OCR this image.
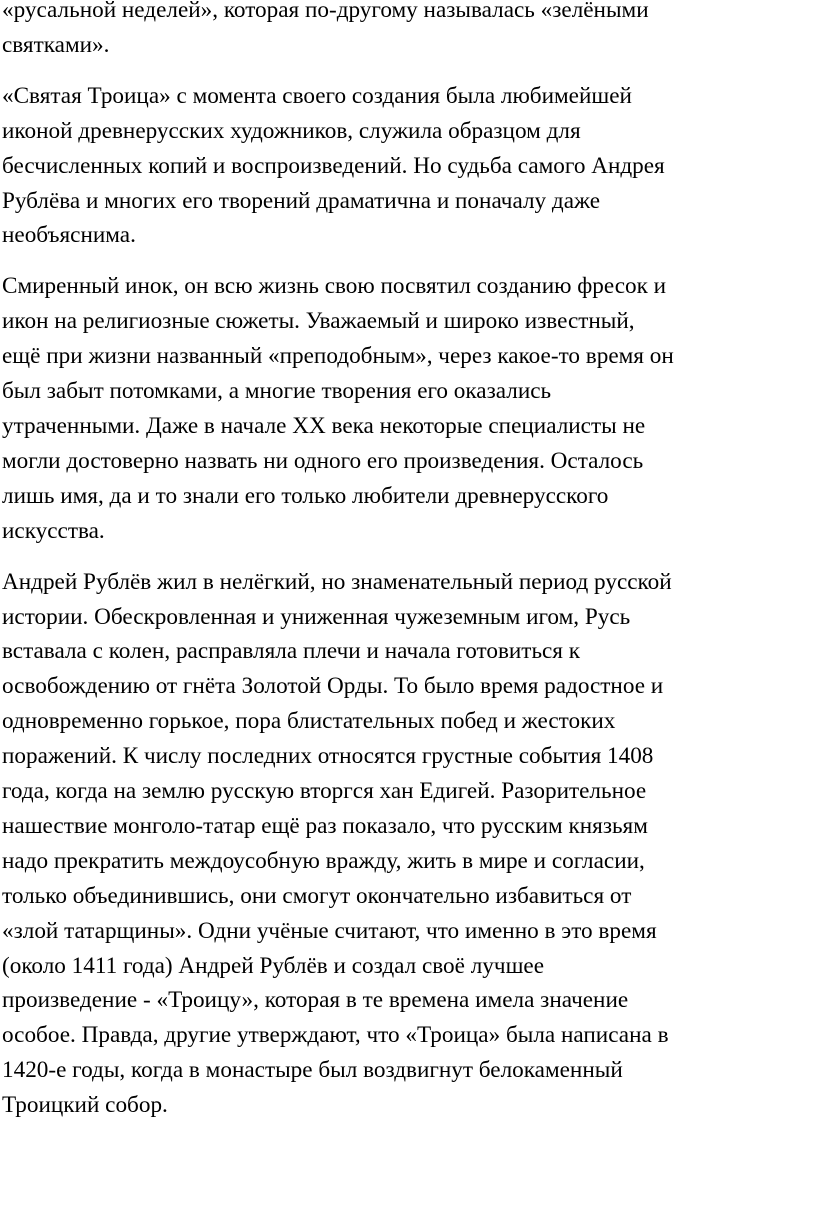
«русальной неделей», которая по-другому называлась «зелёными
святками».

«Святая Троица» с момента своего создания была любимейшей
иконой древнерусских художников, служила образцом для
бесчисленных копий и воспроизведений. Но судьба самого Андрея
Рублёва и многих его творений драматична и поначалу даже
необъяснима.

Смиренный инок, он всю жизнь свою посвятил созданию фресок и
икон на религиозные сюжеты. Уважаемый и широко известный,
ещё при жизни названный «преподобным», через какое-то время он
был забыт потомками, а многие творения его оказались
утраченными. Даже в начале XX века некоторые специалисты не
могли достоверно назвать ни одного его произведения. Осталось
лишь имя, да и то знали его только любители древнерусского
искусства.

Андрей Рублёв жил в нелёгкий, но знаменательный период русской
истории. Обескровленная и униженная чужеземным игом, Русь
вставала с колен, расправляла плечи и начала готовиться к
освобождению от гнёта Золотой Орды. То было время радостное и
одновременно горькое, пора блистательных побед и жестоких
поражений. К числу последних относятся грустные события 1408
года, когда на землю русскую вторгся хан Едигей. Разорительное
нашествие монголо-татар ещё раз показало, что русским князьям
надо прекратить междоусобную вражду, жить в мире и согласии,
только объединившись, они смогут окончательно избавиться от
«злой татарщины». Одни учёные считают, что именно в это время
(около 1411 года) Андрей Рублёв и создал своё лучшее
произведение - «Троицу», которая в те времена имела значение
особое. Правда, другие утверждают, что «Троица» была написана в
1420-е годы, когда в монастыре был воздвигнут белокаменный
Троицкий собор.
